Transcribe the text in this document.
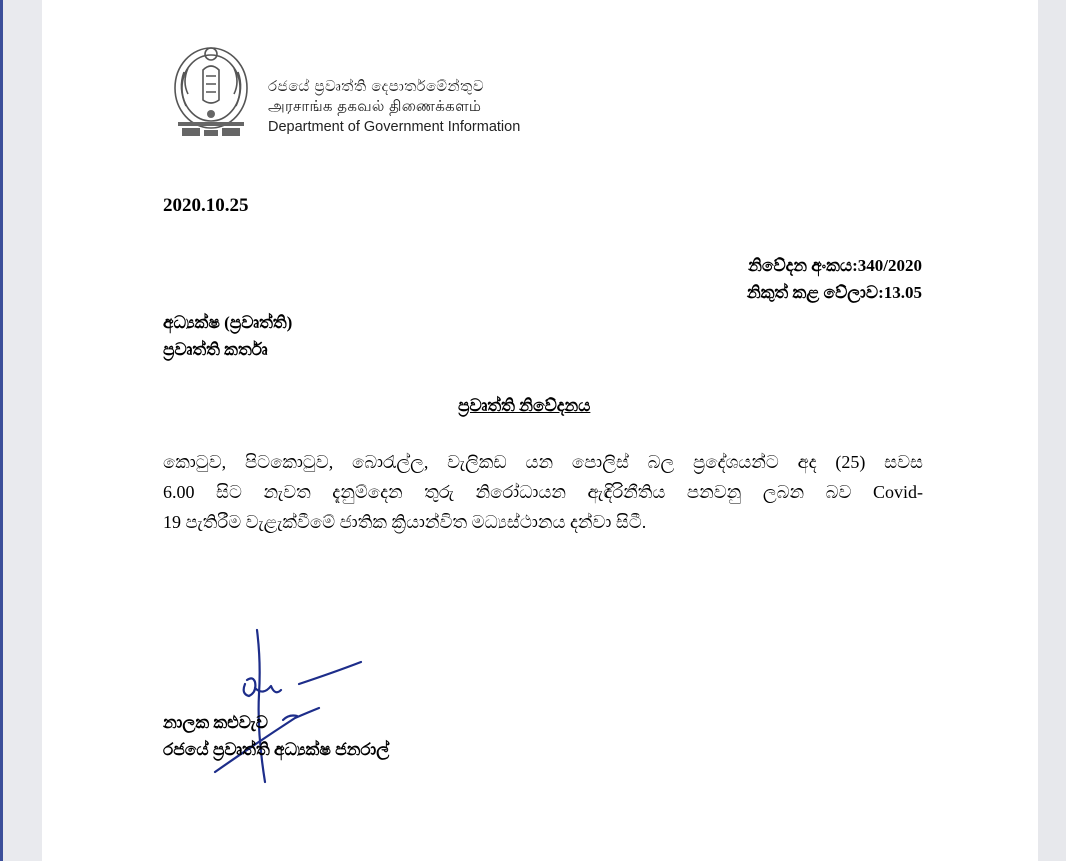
රජයේ ප්‍රවෘත්ති දෙපාර්තමේන්තුව
அரசாங்க தகவல் திணைக்களம்
Department of Government Information
2020.10.25
නිවේදන අංකය:340/2020
නිකුත් කළ වේලාව:13.05
අධ්‍යක්ෂ (ප්‍රවෘත්ති)
ප්‍රවෘත්ති කර්තෘ
ප්‍රවෘත්ති නිවේදනය
කොටුව, පිටකොටුව, බොරැල්ල, වැලිකඩ යන පොලිස් බල ප්‍රදේශයන්ට අද (25) සවස
6.00 සිට නැවත දැනුම්දෙන තුරු නිරෝධායන ඇඳිරිනීතිය පනවනු ලබන බව Covid-
19 පැතිරීම වැළැක්වීමේ ජාතික ක්‍රියාන්විත මධ්‍යස්ථානය දන්වා සිටී.
නාලක කළුවැව
රජයේ ප්‍රවෘත්ති අධ්‍යක්ෂ ජනරාල්
